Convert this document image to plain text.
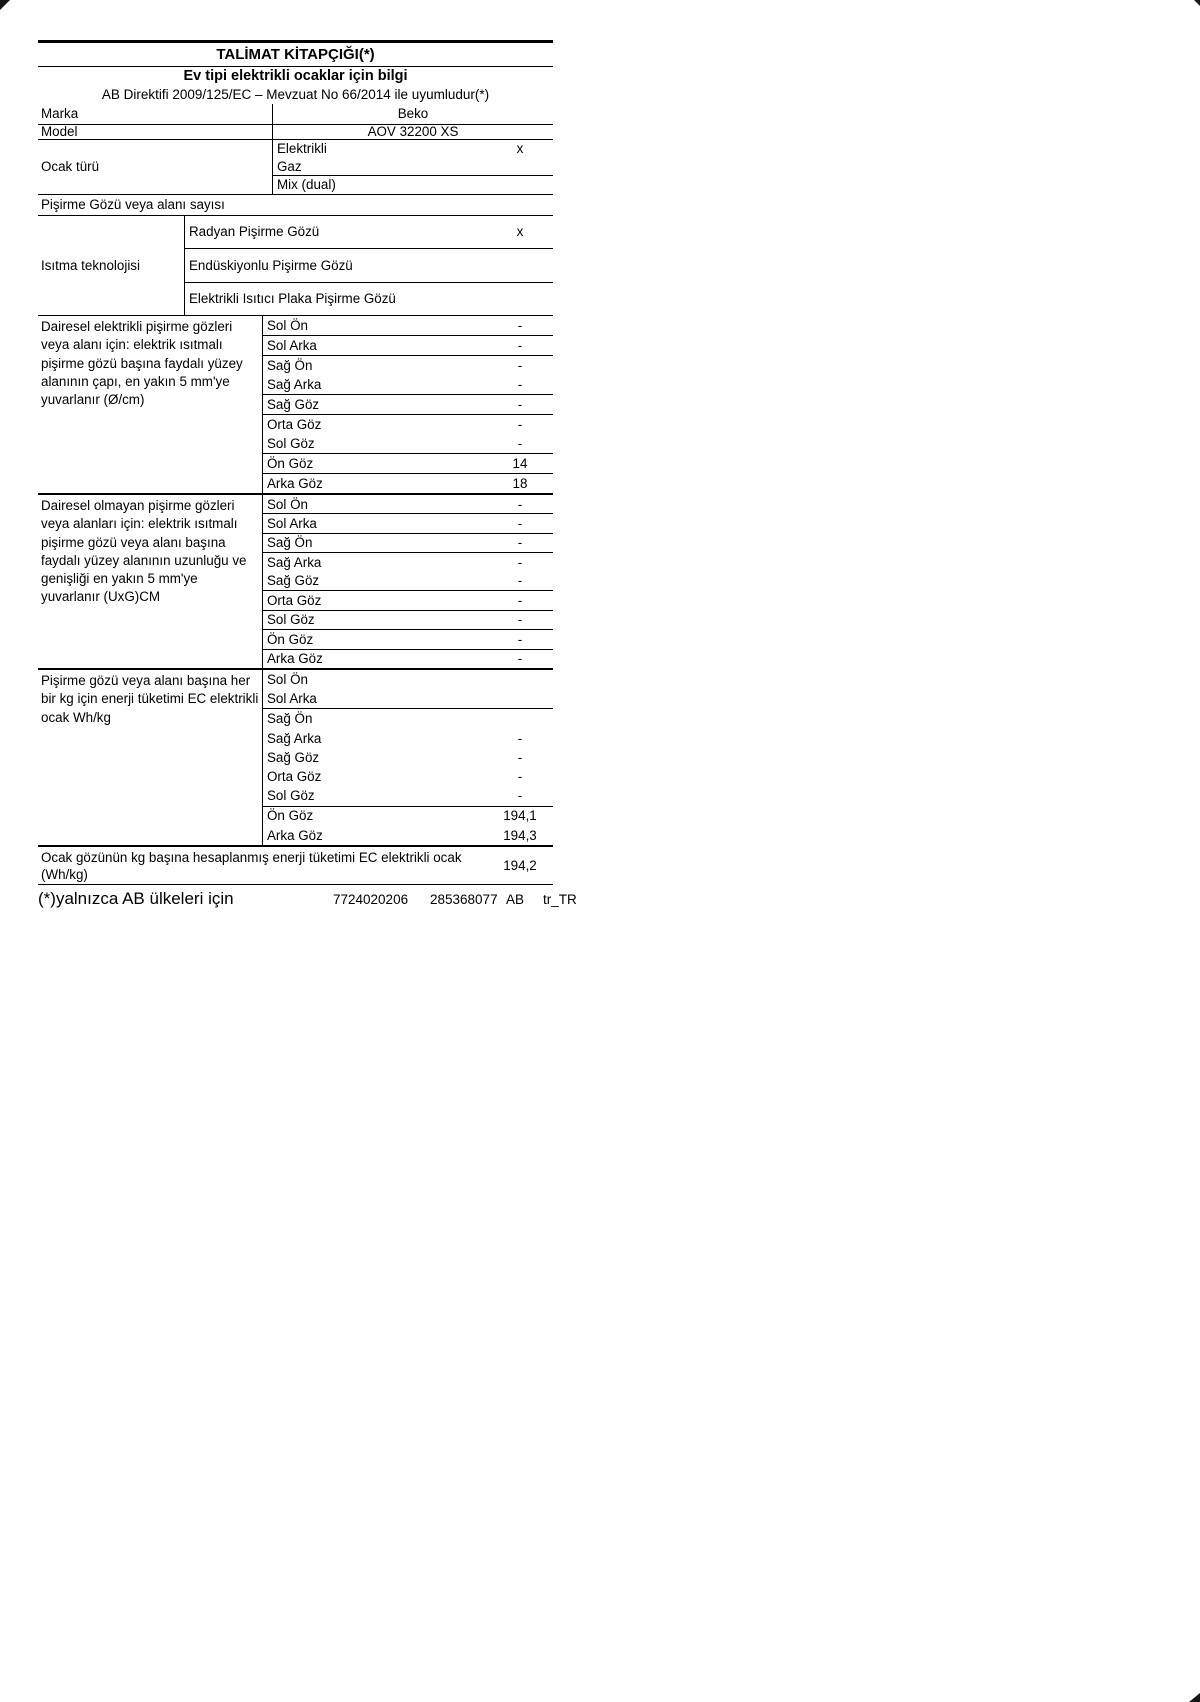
TALİMAT KİTAPÇIĞI(*)
Ev tipi elektrikli ocaklar için bilgi
AB Direktifi 2009/125/EC – Mevzuat No 66/2014 ile uyumludur(*)
Marka	Beko
Model	AOV 32200 XS
Ocak türü
Elektrikli	x
Gaz
Mix (dual)
Pişirme Gözü veya alanı sayısı
Isıtma teknolojisi
Radyan Pişirme Gözü	x
Endüskiyonlu Pişirme Gözü
Elektrikli Isıtıcı Plaka Pişirme Gözü
Dairesel elektrikli pişirme gözleri veya alanı için: elektrik ısıtmalı pişirme gözü başına faydalı yüzey alanının çapı, en yakın 5 mm'ye yuvarlanır (Ø/cm)
Sol Ön	-
Sol Arka	-
Sağ Ön	-
Sağ Arka	-
Sağ Göz	-
Orta Göz	-
Sol Göz	-
Ön Göz	14
Arka Göz	18
Dairesel olmayan pişirme gözleri veya alanları için: elektrik ısıtmalı pişirme gözü veya alanı başına faydalı yüzey alanının uzunluğu ve genişliği en yakın 5 mm'ye yuvarlanır (UxG)CM
Sol Ön	-
Sol Arka	-
Sağ Ön	-
Sağ Arka	-
Sağ Göz	-
Orta Göz	-
Sol Göz	-
Ön Göz	-
Arka Göz	-
Pişirme gözü veya alanı başına her bir kg için enerji tüketimi EC elektrikli ocak Wh/kg
Sol Ön
Sol Arka
Sağ Ön
Sağ Arka	-
Sağ Göz	-
Orta Göz	-
Sol Göz	-
Ön Göz	194,1
Arka Göz	194,3
Ocak gözünün kg başına hesaplanmış enerji tüketimi EC elektrikli ocak (Wh/kg)
194,2
(*)yalnızca AB ülkeleri için	7724020206 285368077 AB tr_TR
